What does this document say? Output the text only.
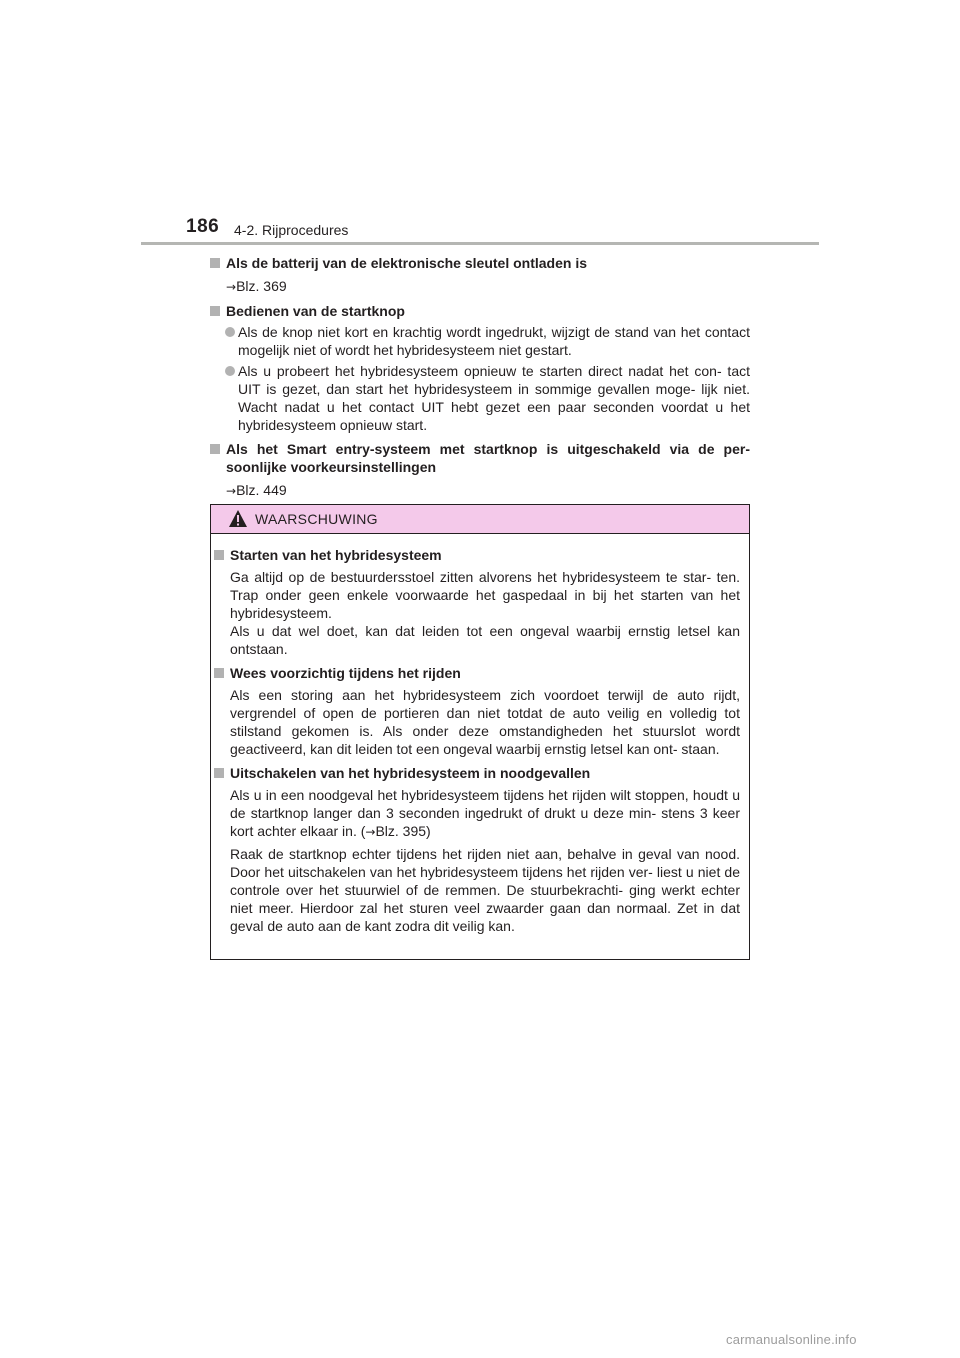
186 4-2. Rijprocedures
Als de batterij van de elektronische sleutel ontladen is
→Blz. 369
Bedienen van de startknop
Als de knop niet kort en krachtig wordt ingedrukt, wijzigt de stand van het contact mogelijk niet of wordt het hybridesysteem niet gestart.
Als u probeert het hybridesysteem opnieuw te starten direct nadat het con- tact UIT is gezet, dan start het hybridesysteem in sommige gevallen moge- lijk niet. Wacht nadat u het contact UIT hebt gezet een paar seconden voordat u het hybridesysteem opnieuw start.
Als het Smart entry-systeem met startknop is uitgeschakeld via de per- soonlijke voorkeursinstellingen
→Blz. 449
WAARSCHUWING
Starten van het hybridesysteem
Ga altijd op de bestuurdersstoel zitten alvorens het hybridesysteem te star- ten. Trap onder geen enkele voorwaarde het gaspedaal in bij het starten van het hybridesysteem.
Als u dat wel doet, kan dat leiden tot een ongeval waarbij ernstig letsel kan ontstaan.
Wees voorzichtig tijdens het rijden
Als een storing aan het hybridesysteem zich voordoet terwijl de auto rijdt, vergrendel of open de portieren dan niet totdat de auto veilig en volledig tot stilstand gekomen is. Als onder deze omstandigheden het stuurslot wordt geactiveerd, kan dit leiden tot een ongeval waarbij ernstig letsel kan ont- staan.
Uitschakelen van het hybridesysteem in noodgevallen
Als u in een noodgeval het hybridesysteem tijdens het rijden wilt stoppen, houdt u de startknop langer dan 3 seconden ingedrukt of drukt u deze min- stens 3 keer kort achter elkaar in. (→Blz. 395)
Raak de startknop echter tijdens het rijden niet aan, behalve in geval van nood. Door het uitschakelen van het hybridesysteem tijdens het rijden ver- liest u niet de controle over het stuurwiel of de remmen. De stuurbekrachti- ging werkt echter niet meer. Hierdoor zal het sturen veel zwaarder gaan dan normaal. Zet in dat geval de auto aan de kant zodra dit veilig kan.
carmanualsonline.info
